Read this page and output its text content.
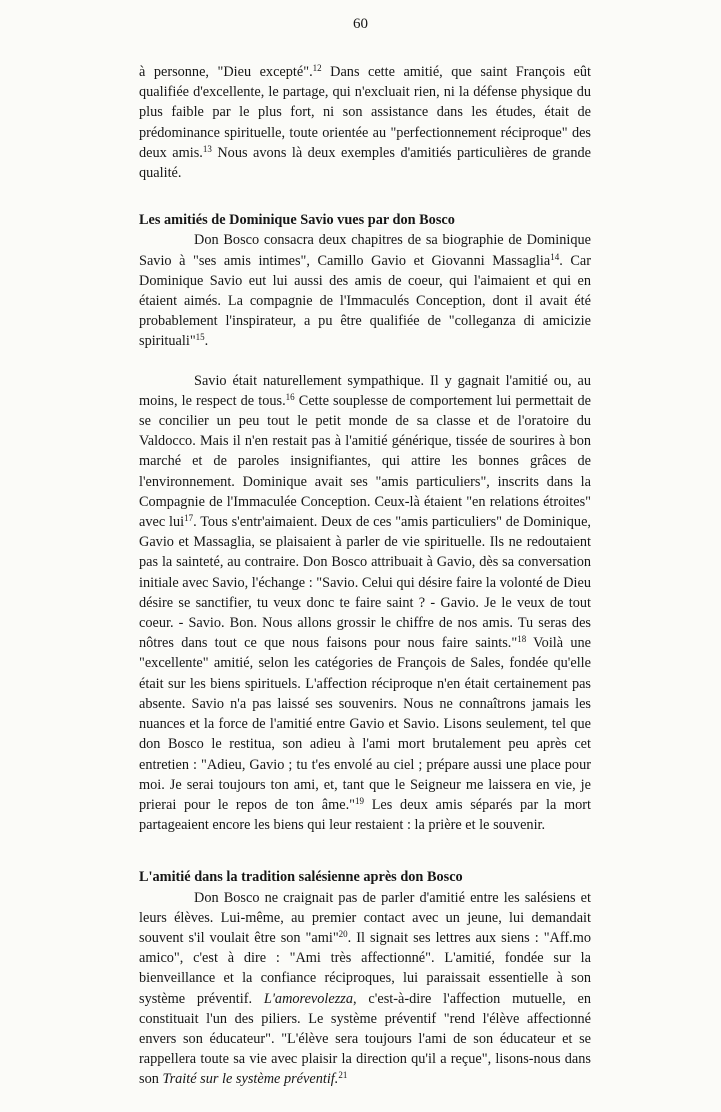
60

à personne, "Dieu excepté".$^{12}$ Dans cette amitié, que saint François eût qualifiée d'excellente, le partage, qui n'excluait rien, ni la défense physique du plus faible par le plus fort, ni son assistance dans les études, était de prédominance spirituelle, toute orientée au "perfectionnement réciproque" des deux amis.$^{13}$ Nous avons là deux exemples d'amitiés particulières de grande qualité.

Les amitiés de Dominique Savio vues par don Bosco

Don Bosco consacra deux chapitres de sa biographie de Dominique Savio à "ses amis intimes", Camillo Gavio et Giovanni Massaglia$^{14}$. Car Dominique Savio eut lui aussi des amis de coeur, qui l'aimaient et qui en étaient aimés. La compagnie de l'Immaculés Conception, dont il avait été probablement l'inspirateur, a pu être qualifiée de "colleganza di amicizie spirituali"$^{15}$.

Savio était naturellement sympathique. Il y gagnait l'amitié ou, au moins, le respect de tous.$^{16}$ Cette souplesse de comportement lui permettait de se concilier un peu tout le petit monde de sa classe et de l'oratoire du Valdocco. Mais il n'en restait pas à l'amitié générique, tissée de sourires à bon marché et de paroles insignifiantes, qui attire les bonnes grâces de l'environnement. Dominique avait ses "amis particuliers", inscrits dans la Compagnie de l'Immaculée Conception. Ceux-là étaient "en relations étroites" avec lui$^{17}$. Tous s'entr'aimaient. Deux de ces "amis particuliers" de Dominique, Gavio et Massaglia, se plaisaient à parler de vie spirituelle. Ils ne redoutaient pas la sainteté, au contraire. Don Bosco attribuait à Gavio, dès sa conversation initiale avec Savio, l'échange : "Savio. Celui qui désire faire la volonté de Dieu désire se sanctifier, tu veux donc te faire saint ? - Gavio. Je le veux de tout coeur. - Savio. Bon. Nous allons grossir le chiffre de nos amis. Tu seras des nôtres dans tout ce que nous faisons pour nous faire saints."$^{18}$ Voilà une "excellente" amitié, selon les catégories de François de Sales, fondée qu'elle était sur les biens spirituels. L'affection réciproque n'en était certainement pas absente. Savio n'a pas laissé ses souvenirs. Nous ne connaîtrons jamais les nuances et la force de l'amitié entre Gavio et Savio. Lisons seulement, tel que don Bosco le restitua, son adieu à l'ami mort brutalement peu après cet entretien : "Adieu, Gavio ; tu t'es envolé au ciel ; prépare aussi une place pour moi. Je serai toujours ton ami, et, tant que le Seigneur me laissera en vie, je prierai pour le repos de ton âme."$^{19}$ Les deux amis séparés par la mort partageaient encore les biens qui leur restaient : la prière et le souvenir.

L'amitié dans la tradition salésienne après don Bosco

Don Bosco ne craignait pas de parler d'amitié entre les salésiens et leurs élèves. Lui-même, au premier contact avec un jeune, lui demandait souvent s'il voulait être son "ami"$^{20}$. Il signait ses lettres aux siens : "Aff.mo amico", c'est à dire : "Ami très affectionné". L'amitié, fondée sur la bienveillance et la confiance réciproques, lui paraissait essentielle à son système préventif. L'amorevolezza, c'est-à-dire l'affection mutuelle, en constituait l'un des piliers. Le système préventif "rend l'élève affectionné envers son éducateur". "L'élève sera toujours l'ami de son éducateur et se rappellera toute sa vie avec plaisir la direction qu'il a reçue", lisons-nous dans son Traité sur le système préventif.$^{21}$
